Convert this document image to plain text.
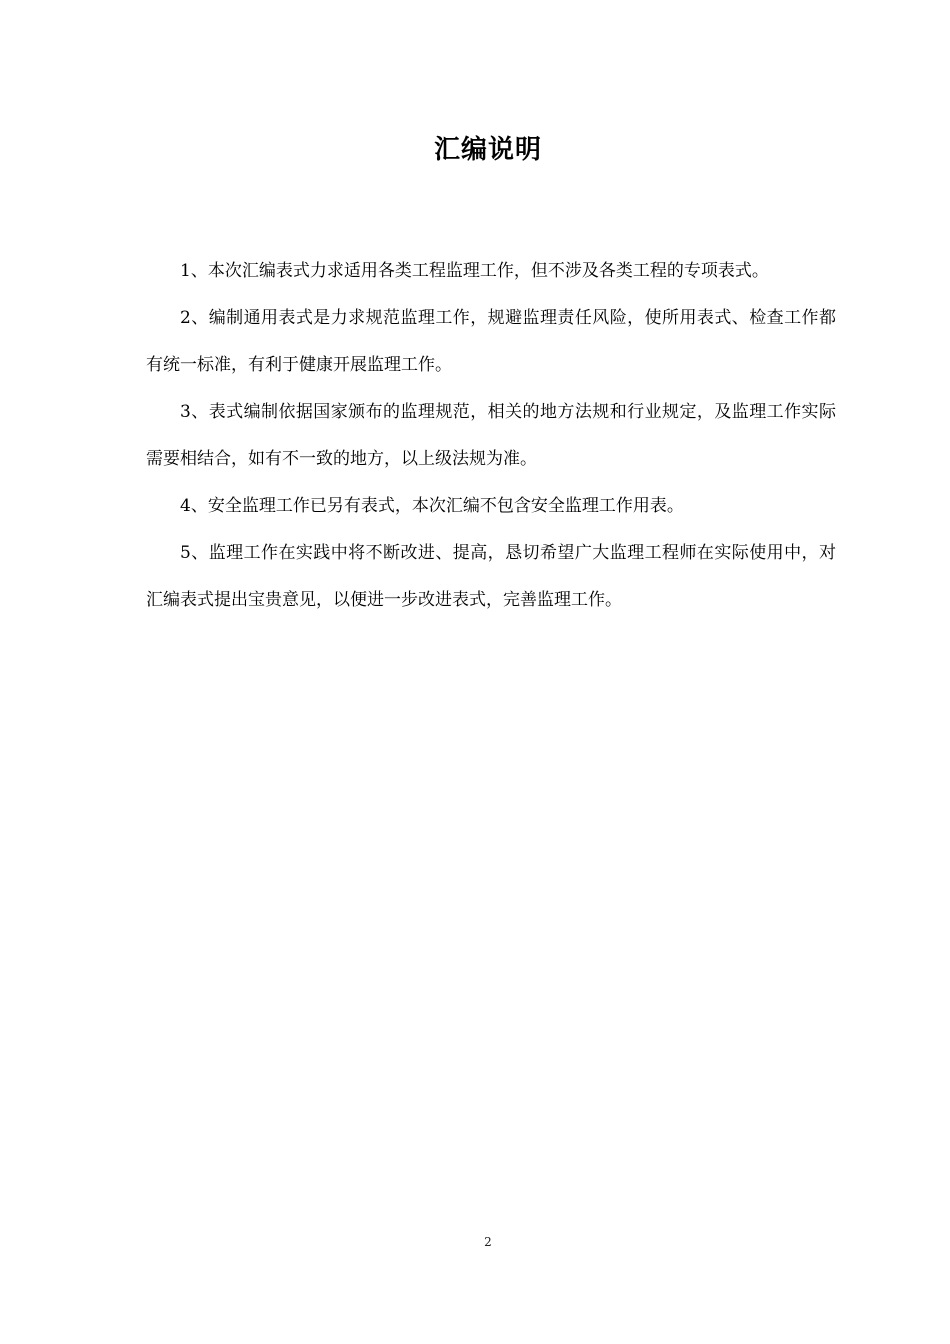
汇编说明

1、本次汇编表式力求适用各类工程监理工作，但不涉及各类工程的专项表式。

2、编制通用表式是力求规范监理工作，规避监理责任风险，使所用表式、检查工作都有统一标准，有利于健康开展监理工作。

3、表式编制依据国家颁布的监理规范，相关的地方法规和行业规定，及监理工作实际需要相结合，如有不一致的地方，以上级法规为准。

4、安全监理工作已另有表式，本次汇编不包含安全监理工作用表。

5、监理工作在实践中将不断改进、提高，恳切希望广大监理工程师在实际使用中，对汇编表式提出宝贵意见，以便进一步改进表式，完善监理工作。

2
